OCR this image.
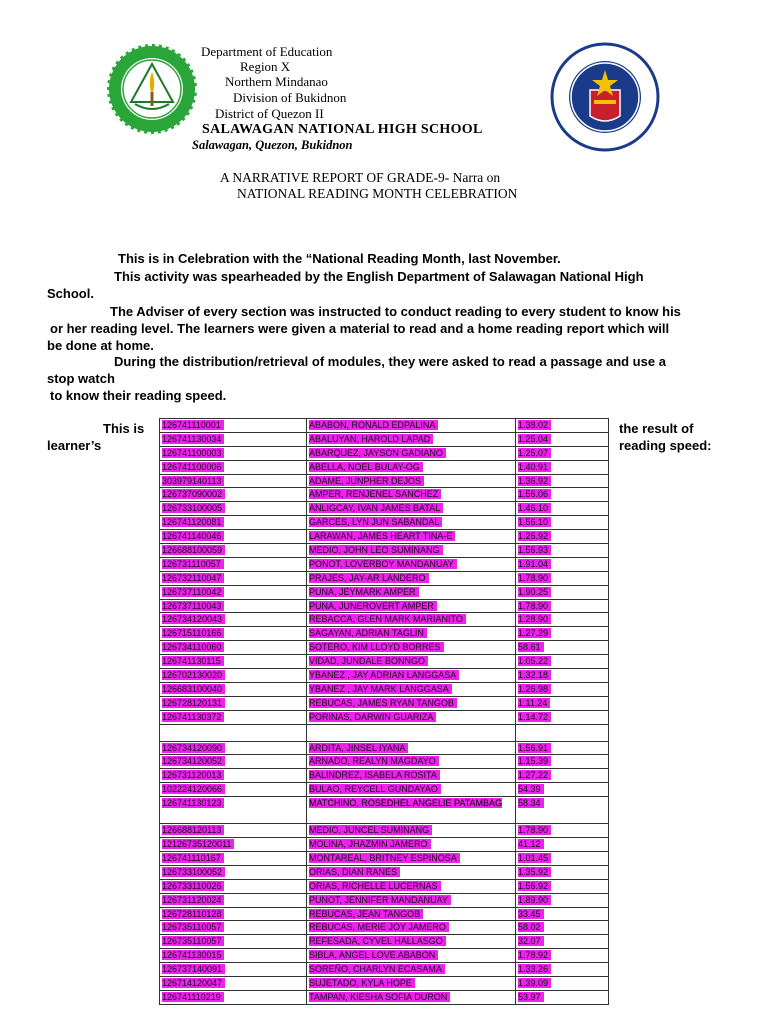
Department of Education
Region X
Northern Mindanao
Division of Bukidnon
District of Quezon II
SALAWAGAN NATIONAL HIGH SCHOOL
Salawagan, Quezon, Bukidnon
A NARRATIVE REPORT OF GRADE-9- Narra on
NATIONAL READING MONTH CELEBRATION
This is in Celebration with the “National Reading Month, last November.
This activity was spearheaded by the English Department of Salawagan National High
School.
The Adviser of every section was instructed to conduct reading to every student to know his
or her reading level. The learners were given a material to read and a home reading report which will
be done at home.
During the distribution/retrieval of modules, they were asked to read a passage and use a
stop watch
to know their reading speed.
This is
learner’s
the result of
reading speed:
126741110001	ABABON, RONALD EDPALINA	1.38.02
126741130034	ABALUYAN, HAROLD LAPAD	1.25.04
126741100003	ABARQUEZ, JAYSON GADIANO	1.25.07
126741100006	ABELLA, NOEL BULAY-OG	1.40.91
303979140113	ADAME, JUNPHER DEJOS	1.36.92
126737090002	AMPER, RENJENEL SANCHEZ	1.56.06
126733100005	ANLIGCAY, IVAN JAMES BATAL	1.46.10
126741120081	GARCES, LYN JUN SABANDAL	1.56.10
126741140046	LARAWAN, JAMES HEART TINA-E	1.26.92
126688100059	MEDIO, JOHN LEO SUMINANG	1.56.93
126731110057	PONOT, LOVERBOY MANDANUAY	1.91.04
126732110047	PRAJES, JAY-AR LANDERO	1.78.90
126737110042	PUNA, JEYMARK AMPER	1.90.25
126737110043	PUNA, JUNEROVERT AMPER	1.78.90
126734120043	REBACCA, GLEN MARK MARIANITO	1.28.90
126715110166	SAGAYAN, ADRIAN TAGLIN	1.27.29
126734110060	SOTERO, KIM LLOYD BORRES	58.61
126741130115	VIDAD, JUNDALE BONNGO	1.05.22
126702130020	YBANEZ , JAY ADRIAN LANGGASA	1.32.18
126683100040	YBANEZ , JAY MARK LANGGASA	1.26.98
126728120131	REBUCAS, JAMES RYAN TANGOB	1.11.24
126741130372	PORINAS, DARWIN GUARIZA	1.14.72

126734120090	ARDITA, JINSEL IYANA	1.56.91
126734120052	ARNADO, REALYN MAGDAYO	1.15.39
126731120013	BALINDREZ, ISABELA ROSITA	1.27.22
102224120066	BULAO, REYCELL GUNDAYAO	54.39
126741130123	MATCHINO, ROSEDHEL ANGELIE PATAMBAG	58.34
126688120113	MEDIO, JUNCEL SUMINANG	1.78.90
12126735120011	MOLINA, JHAZMIN JAMERO	41.12
126741110167	MONTAREAL, BRITNEY ESPINOSA	1.01.45
126733100052	ORIAS, DIAN RANES	1.35.92
126733110026	ORIAS, RICHELLE LUCERNAS	1.56.92
126731120024	PUNOT, JENNIFER MANDANUAY	1.89.90
126728110128	REBUCAS, JEAN TANGOB	33.45
126735110057	REBUCAS, MERIE JOY JAMERO	58.02
126735110057	REFESADA, CYVEL HALLASGO	32.07
126741130015	SIBLA, ANGEL LOVE ABABON	1.78.92
126737140091	SOREÑO, CHARLYN ECASAMA	1.33.26
126714120047	SUJETADO, KYLA HOPE	1.39.09
126741110219	TAMPAN, KIESHA SOFIA DURON	53.97
